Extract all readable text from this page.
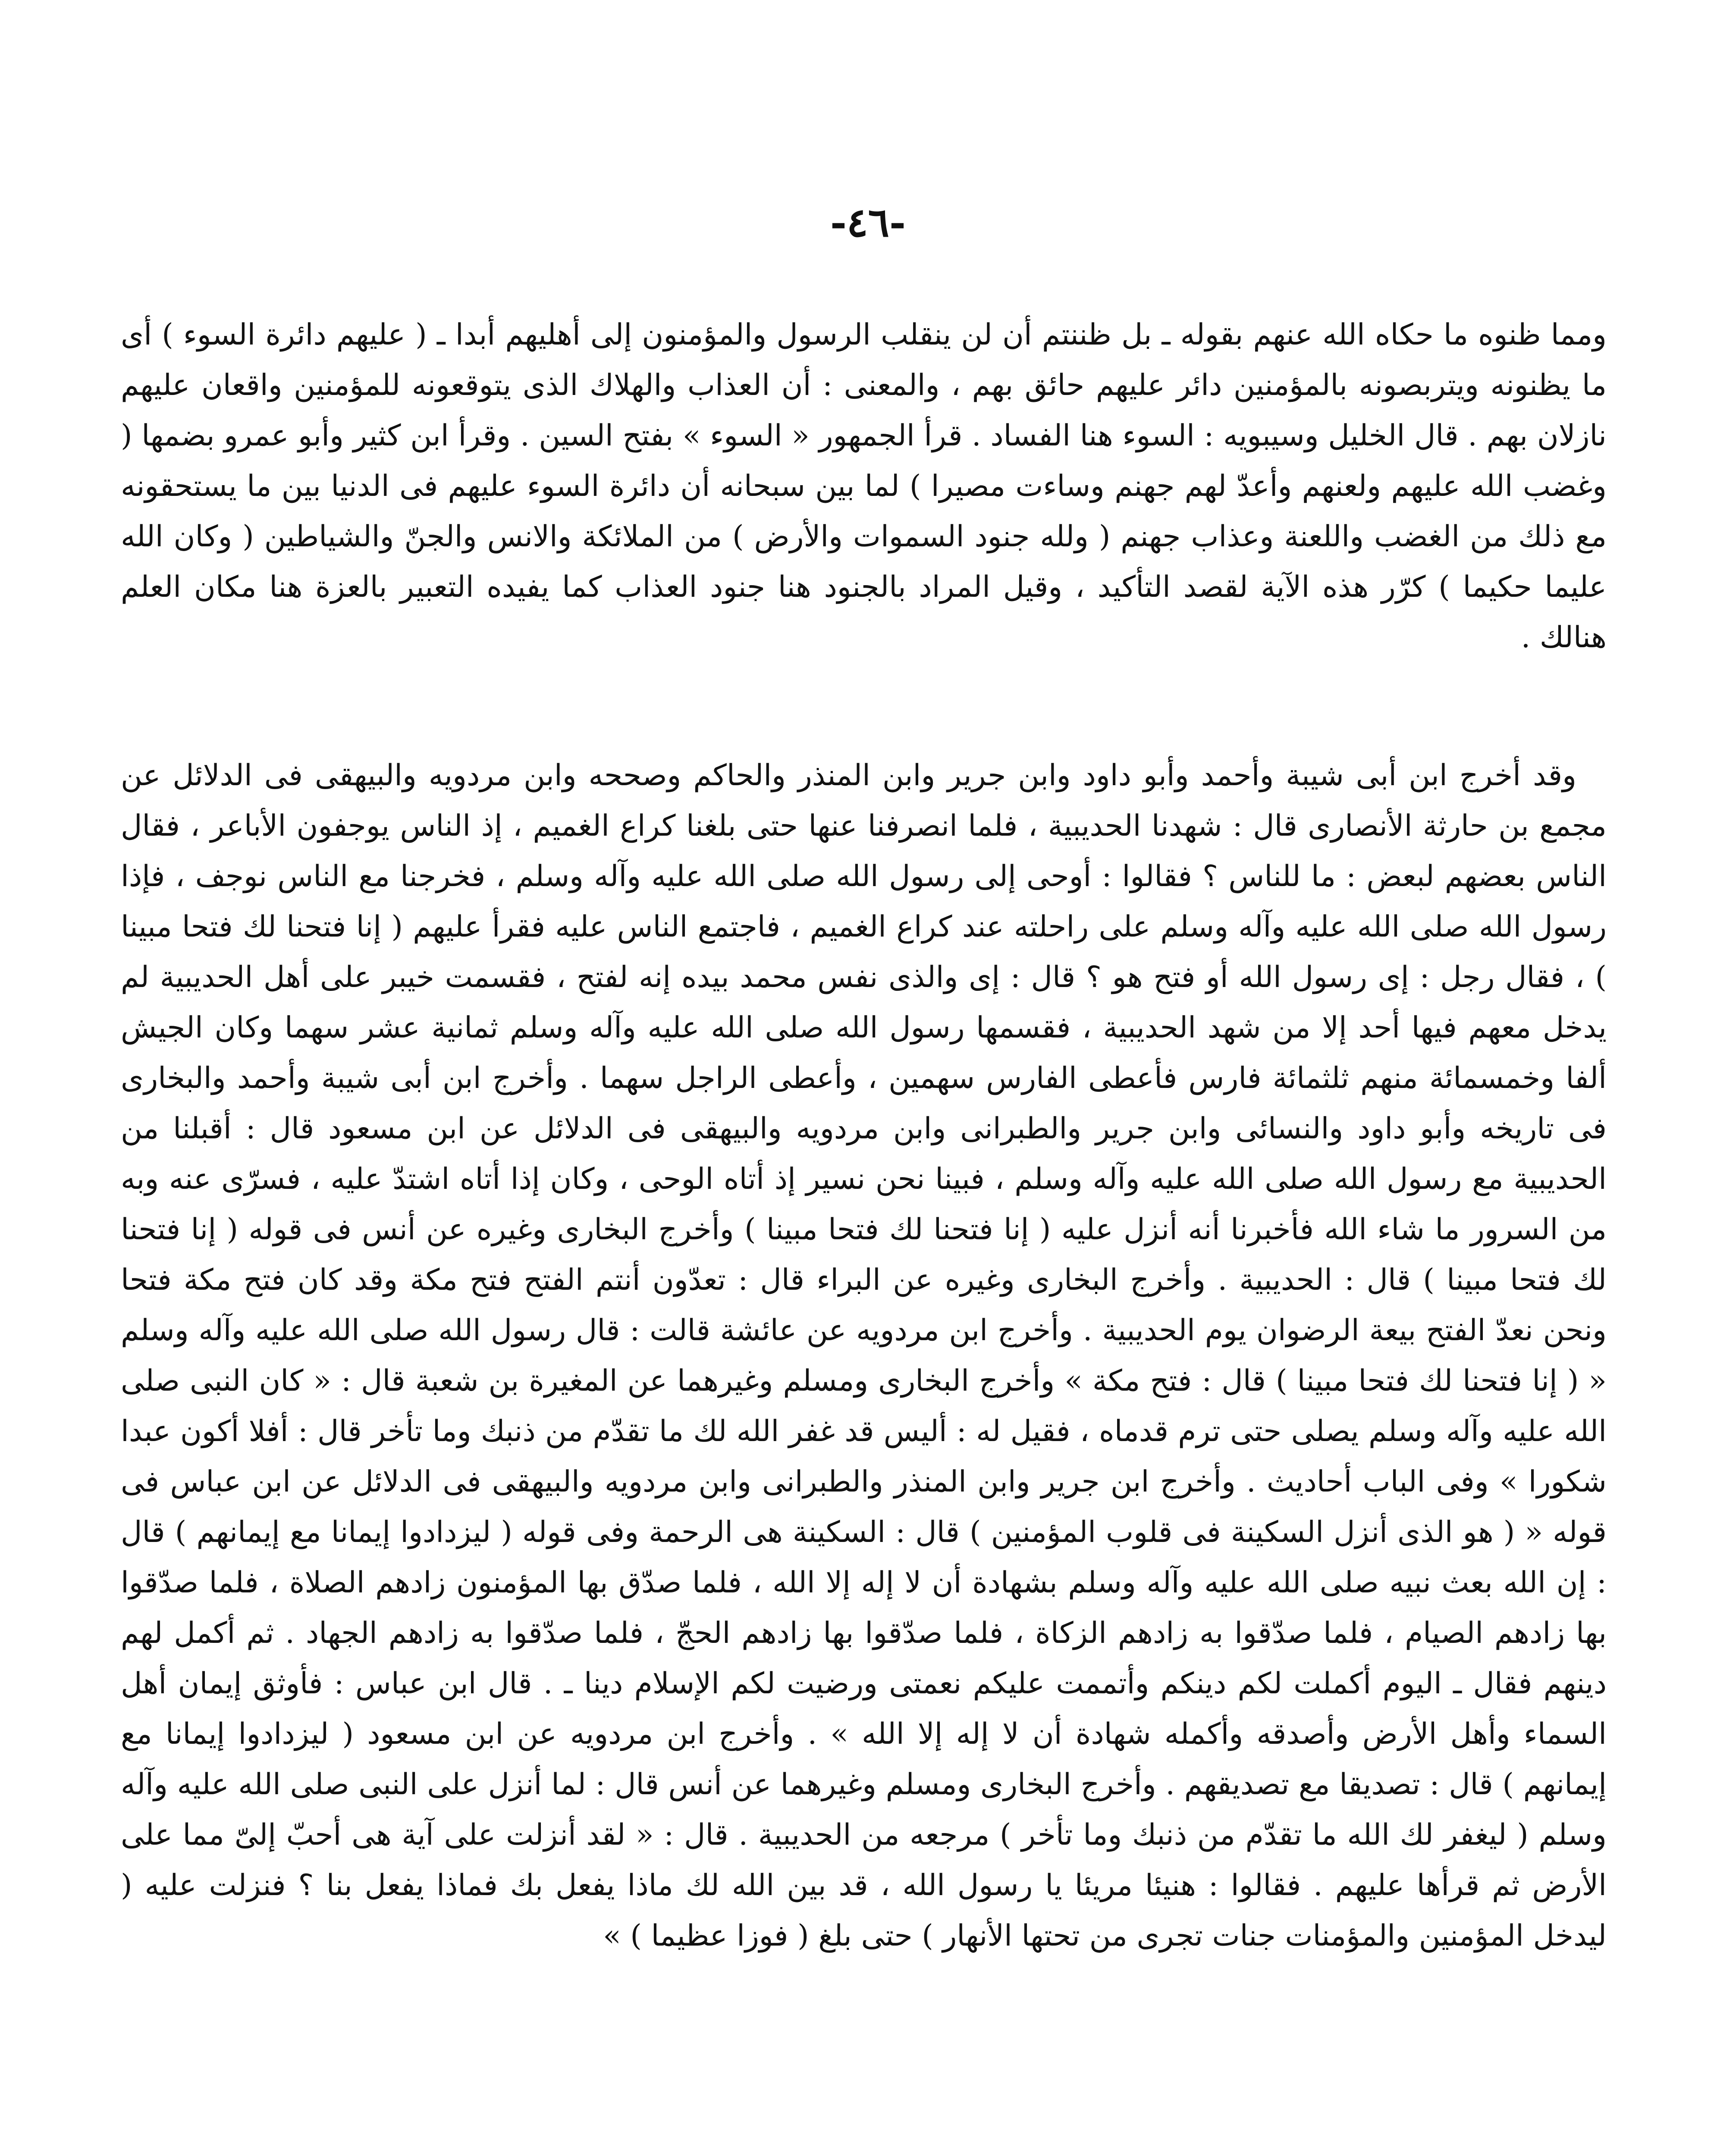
-٤٦-

ومما ظنوه ما حكاه الله عنهم بقوله ـ بل ظننتم أن لن ينقلب الرسول والمؤمنون إلى أهليهم أبدا ـ ( عليهم دائرة السوء ) أى ما يظنونه ويتربصونه بالمؤمنين دائر عليهم حائق بهم ، والمعنى : أن العذاب والهلاك الذى يتوقعونه للمؤمنين واقعان عليهم نازلان بهم . قال الخليل وسيبويه : السوء هنا الفساد . قرأ الجمهور « السوء » بفتح السين . وقرأ ابن كثير وأبو عمرو بضمها ( وغضب الله عليهم ولعنهم وأعدّ لهم جهنم وساءت مصيرا ) لما بين سبحانه أن دائرة السوء عليهم فى الدنيا بين ما يستحقونه مع ذلك من الغضب واللعنة وعذاب جهنم ( ولله جنود السموات والأرض ) من الملائكة والانس والجنّ والشياطين ( وكان الله عليما حكيما ) كرّر هذه الآية لقصد التأكيد ، وقيل المراد بالجنود هنا جنود العذاب كما يفيده التعبير بالعزة هنا مكان العلم هنالك .

وقد أخرج ابن أبى شيبة وأحمد وأبو داود وابن جرير وابن المنذر والحاكم وصححه وابن مردويه والبيهقى فى الدلائل عن مجمع بن حارثة الأنصارى قال : شهدنا الحديبية ، فلما انصرفنا عنها حتى بلغنا كراع الغميم ، إذ الناس يوجفون الأباعر ، فقال الناس بعضهم لبعض : ما للناس ؟ فقالوا : أوحى إلى رسول الله صلى الله عليه وآله وسلم ، فخرجنا مع الناس نوجف ، فإذا رسول الله صلى الله عليه وآله وسلم على راحلته عند كراع الغميم ، فاجتمع الناس عليه فقرأ عليهم ( إنا فتحنا لك فتحا مبينا ) ، فقال رجل : إى رسول الله أو فتح هو ؟ قال : إى والذى نفس محمد بيده إنه لفتح ، فقسمت خيبر على أهل الحديبية لم يدخل معهم فيها أحد إلا من شهد الحديبية ، فقسمها رسول الله صلى الله عليه وآله وسلم ثمانية عشر سهما وكان الجيش ألفا وخمسمائة منهم ثلثمائة فارس فأعطى الفارس سهمين ، وأعطى الراجل سهما . وأخرج ابن أبى شيبة وأحمد والبخارى فى تاريخه وأبو داود والنسائى وابن جرير والطبرانى وابن مردويه والبيهقى فى الدلائل عن ابن مسعود قال : أقبلنا من الحديبية مع رسول الله صلى الله عليه وآله وسلم ، فبينا نحن نسير إذ أتاه الوحى ، وكان إذا أتاه اشتدّ عليه ، فسرّى عنه وبه من السرور ما شاء الله فأخبرنا أنه أنزل عليه ( إنا فتحنا لك فتحا مبينا ) وأخرج البخارى وغيره عن أنس فى قوله ( إنا فتحنا لك فتحا مبينا ) قال : الحديبية . وأخرج البخارى وغيره عن البراء قال : تعدّون أنتم الفتح فتح مكة وقد كان فتح مكة فتحا ونحن نعدّ الفتح بيعة الرضوان يوم الحديبية . وأخرج ابن مردويه عن عائشة قالت : قال رسول الله صلى الله عليه وآله وسلم « ( إنا فتحنا لك فتحا مبينا ) قال : فتح مكة » وأخرج البخارى ومسلم وغيرهما عن المغيرة بن شعبة قال : « كان النبى صلى الله عليه وآله وسلم يصلى حتى ترم قدماه ، فقيل له : أليس قد غفر الله لك ما تقدّم من ذنبك وما تأخر قال : أفلا أكون عبدا شكورا » وفى الباب أحاديث . وأخرج ابن جرير وابن المنذر والطبرانى وابن مردويه والبيهقى فى الدلائل عن ابن عباس فى قوله « ( هو الذى أنزل السكينة فى قلوب المؤمنين ) قال : السكينة هى الرحمة وفى قوله ( ليزدادوا إيمانا مع إيمانهم ) قال : إن الله بعث نبيه صلى الله عليه وآله وسلم بشهادة أن لا إله إلا الله ، فلما صدّق بها المؤمنون زادهم الصلاة ، فلما صدّقوا بها زادهم الصيام ، فلما صدّقوا به زادهم الزكاة ، فلما صدّقوا بها زادهم الحجّ ، فلما صدّقوا به زادهم الجهاد . ثم أكمل لهم دينهم فقال ـ اليوم أكملت لكم دينكم وأتممت عليكم نعمتى ورضيت لكم الإسلام دينا ـ . قال ابن عباس : فأوثق إيمان أهل السماء وأهل الأرض وأصدقه وأكمله شهادة أن لا إله إلا الله » . وأخرج ابن مردويه عن ابن مسعود ( ليزدادوا إيمانا مع إيمانهم ) قال : تصديقا مع تصديقهم . وأخرج البخارى ومسلم وغيرهما عن أنس قال : لما أنزل على النبى صلى الله عليه وآله وسلم ( ليغفر لك الله ما تقدّم من ذنبك وما تأخر ) مرجعه من الحديبية . قال : « لقد أنزلت على آية هى أحبّ إلىّ مما على الأرض ثم قرأها عليهم . فقالوا : هنيئا مريئا يا رسول الله ، قد بين الله لك ماذا يفعل بك فماذا يفعل بنا ؟ فنزلت عليه ( ليدخل المؤمنين والمؤمنات جنات تجرى من تحتها الأنهار ) حتى بلغ ( فوزا عظيما ) »
